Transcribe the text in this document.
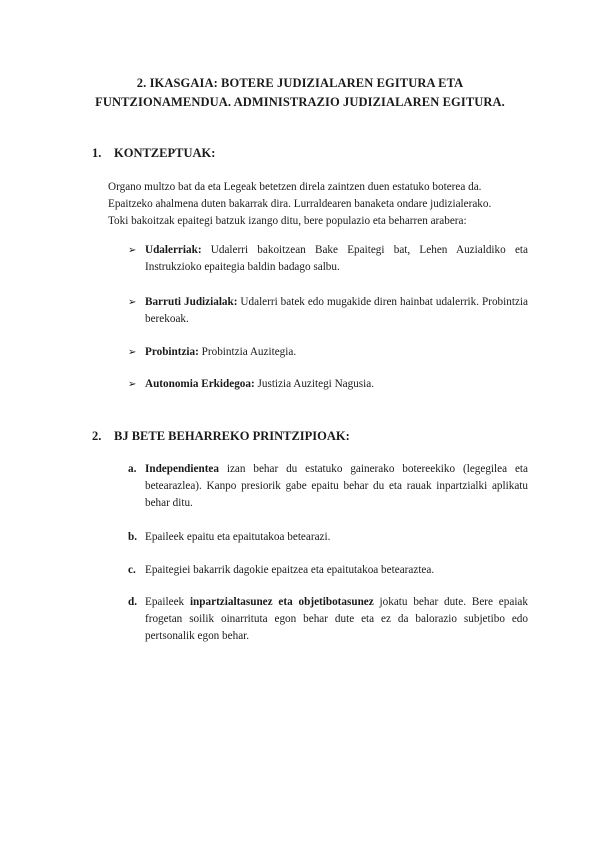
2. IKASGAIA: BOTERE JUDIZIALAREN EGITURA ETA
FUNTZIONAMENDUA. ADMINISTRAZIO JUDIZIALAREN EGITURA.
1. KONTZEPTUAK:

Organo multzo bat da eta Legeak betetzen direla zaintzen duen estatuko boterea da.

Epaitzeko ahalmena duten bakarrak dira. Lurraldearen banaketa ondare judizialerako.

Toki bakoitzak epaitegi batzuk izango ditu, bere populazio eta beharren arabera:

➢ Udalerriak: Udalerri bakoitzean Bake Epaitegi bat, Lehen Auzialdiko eta Instrukzioko epaitegia baldin badago salbu.
➢ Barruti Judizialak: Udalerri batek edo mugakide diren hainbat udalerrik. Probintzia berekoak.
➢ Probintzia: Probintzia Auzitegia.
➢ Autonomia Erkidegoa: Justizia Auzitegi Nagusia.
2. BJ BETE BEHARREKO PRINTZIPIOAK:
a. Independientea izan behar du estatuko gainerako botereekiko (legegilea eta betearazlea). Kanpo presiorik gabe epaitu behar du eta rauak inpartzialki aplikatu behar ditu.
b. Epaileek epaitu eta epaitutakoa betearazi.
c. Epaitegiei bakarrik dagokie epaitzea eta epaitutakoa betearaztea.
d. Epaileek inpartzialtasunez eta objetibotasunez jokatu behar dute. Bere epaiak frogetan soilik oinarrituta egon behar dute eta ez da balorazio subjetibo edo pertsonalik egon behar.
